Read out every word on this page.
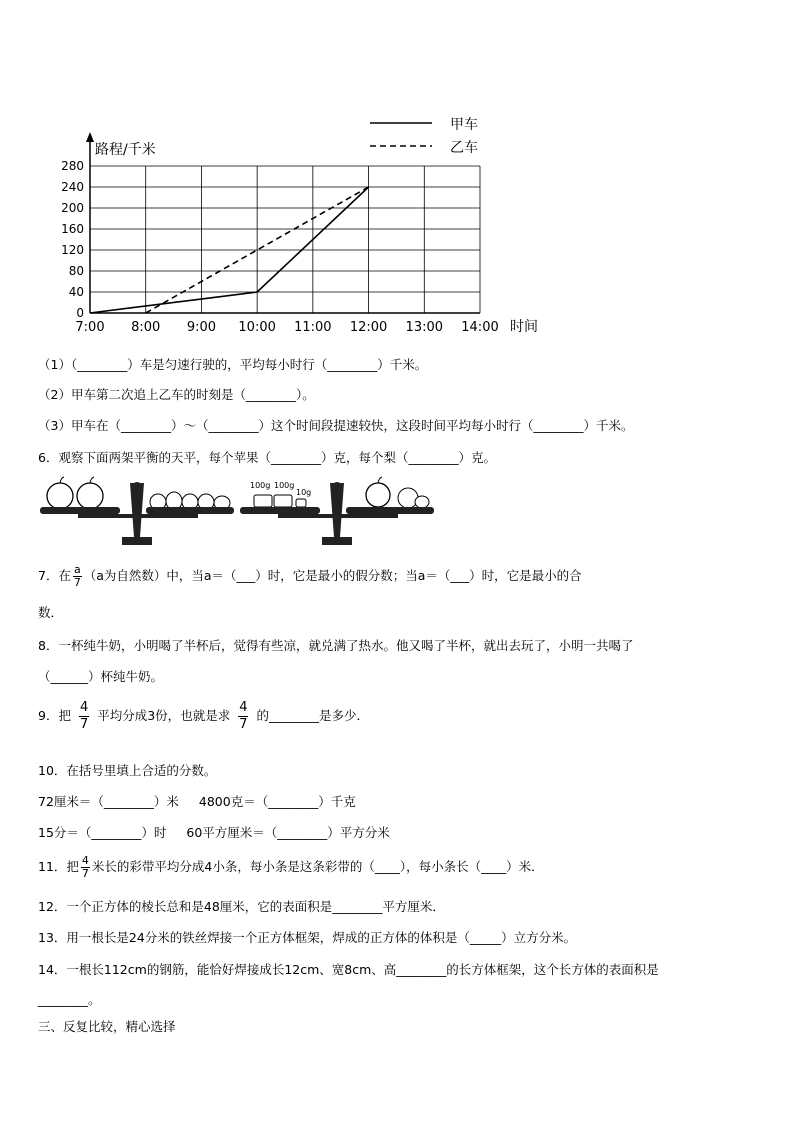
0
40
80
120
160
200
240
280
7:00 8:00 9:00 10:00 11:00 12:00 13:00 14:00
路程/千米
时间
甲车
乙车
（1）（________）车是匀速行驶的，平均每小时行（________）千米。
（2）甲车第二次追上乙车的时刻是（________）。
（3）甲车在（________）～（________）这个时间段提速较快，这段时间平均每小时行（________）千米。
6．观察下面两架平衡的天平，每个苹果（________）克，每个梨（________）克。
100g 100g
10g
7．在 $\frac{a}{7} (a$为自然数）中，当a＝（___）时，它是最小的假分数；当a＝（___）时，它是最小的合
数．
8．一杯纯牛奶，小明喝了半杯后，觉得有些凉，就兑满了热水。他又喝了半杯，就出去玩了，小明一共喝了
（______）杯纯牛奶。
9．把 $\frac{4}{7}$ 平均分成3份，也就是求 $\frac{4}{7}$ 的________是多少．
10．在括号里填上合适的分数。
72厘米＝（________）米 4800克＝（________）千克
15分＝（________）时 60平方厘米＝（________）平方分米
11．把 $\frac{4}{7}$ 米长的彩带平均分成4小条，每小条是这条彩带的（____），每小条长（____）米．
12．一个正方体的棱长总和是48厘米，它的表面积是________平方厘米．
13．用一根长是24分米的铁丝焊接一个正方体框架，焊成的正方体的体积是（_____）立方分米。
14．一根长112cm的钢筋，能恰好焊接成长12cm、宽8cm、高________的长方体框架，这个长方体的表面积是
________。
三、反复比较，精心选择
